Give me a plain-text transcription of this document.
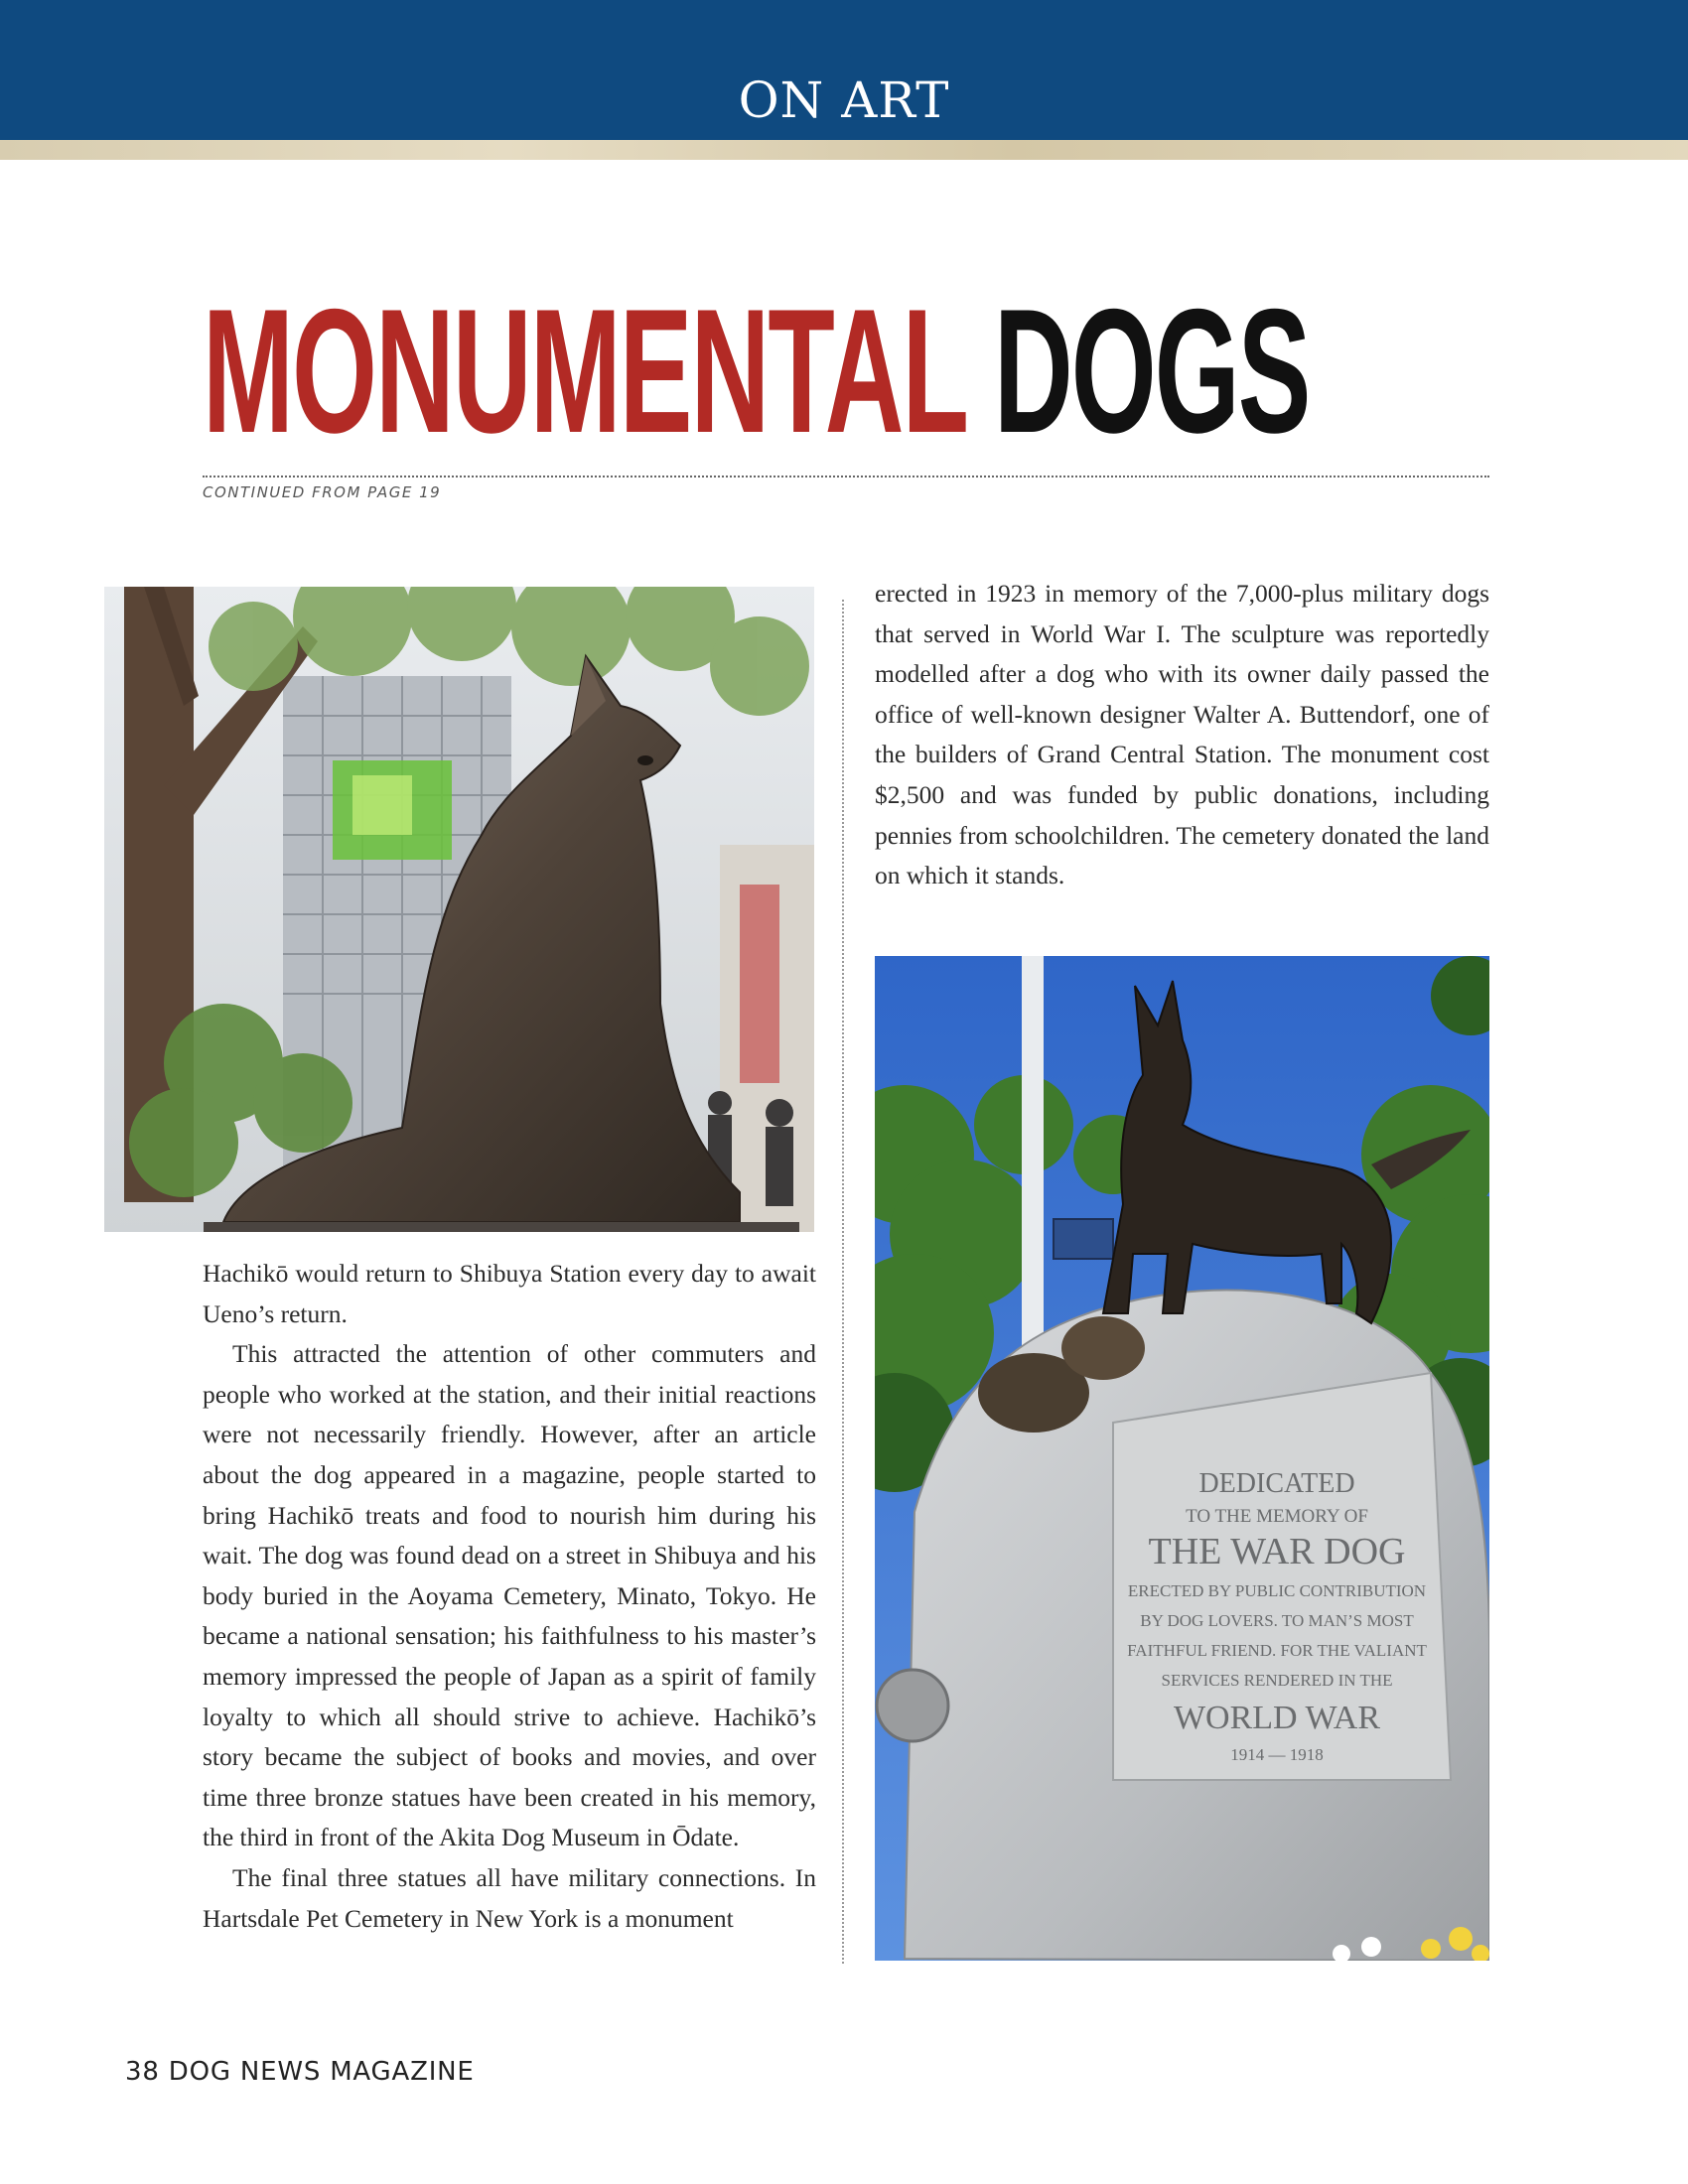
ON ART
MONUMENTAL DOGS

CONTINUED FROM PAGE 19

Hachikō would return to Shibuya Station every day to await Ueno’s return.

This attracted the attention of other commuters and people who worked at the station, and their initial reactions were not necessarily friendly. However, after an article about the dog appeared in a magazine, people started to bring Hachikō treats and food to nourish him during his wait. The dog was found dead on a street in Shibuya and his body buried in the Aoyama Cemetery, Minato, Tokyo. He became a national sensation; his faithfulness to his master’s memory impressed the people of Japan as a spirit of family loyalty to which all should strive to achieve. Hachikō’s story became the subject of books and movies, and over time three bronze statues have been created in his memory, the third in front of the Akita Dog Museum in Ōdate.

The final three statues all have military connections. In Hartsdale Pet Cemetery in New York is a monument

erected in 1923 in memory of the 7,000-plus military dogs that served in World War I. The sculpture was reportedly modelled after a dog who with its owner daily passed the office of well-known designer Walter A. Buttendorf, one of the builders of Grand Central Station. The monument cost $2,500 and was funded by public donations, including pennies from schoolchildren. The cemetery donated the land on which it stands.

DEDICATED
TO THE MEMORY OF
THE WAR DOG
ERECTED BY PUBLIC CONTRIBUTION
BY DOG LOVERS. TO MAN’S MOST
FAITHFUL FRIEND. FOR THE VALIANT
SERVICES RENDERED IN THE
WORLD WAR
1914 — 1918

38 DOG NEWS MAGAZINE
